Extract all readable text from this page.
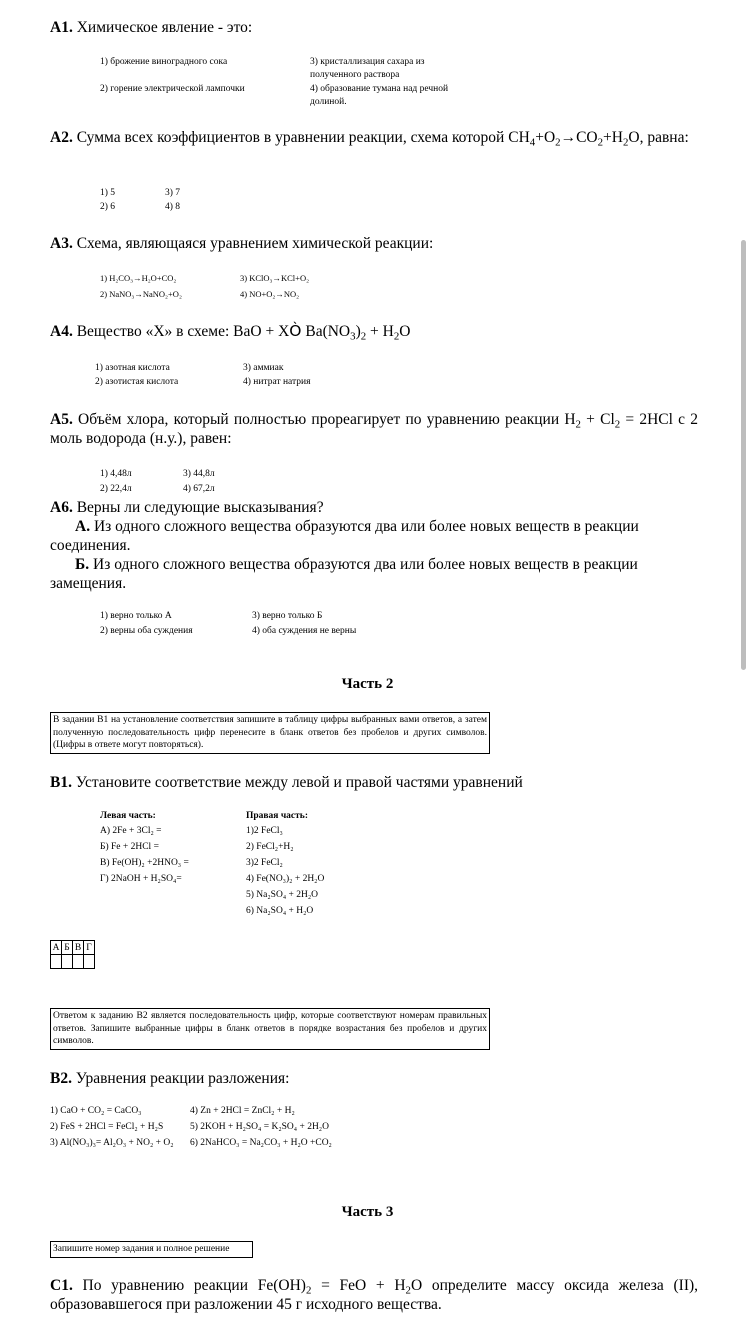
А1. Химическое явление - это:
1) брожение виноградного сока	3) кристаллизация сахара из полученного раствора
2) горение электрической лампочки	4) образование тумана над речной долиной.
А2. Сумма всех коэффициентов в уравнении реакции, схема которой $CH_4+O_2\to CO_2+H_2O$, равна:
1) 5	3) 7
2) 6	4) 8
А3. Схема, являющаяся уравнением химической реакции:
1) H₂CO₃→H₂O+CO₂	3) KClO₃→KCl+O₂
2) NaNO₃→NaNO₂+O₂	4) NO+O₂→NO₂
А4. Вещество «Х» в схеме: BaO + XÒ $Ba(NO_3)_2 + H_2O$
1) азотная кислота	3) аммиак
2) азотистая кислота	4) нитрат натрия
А5. Объём хлора, который полностью прореагирует по уравнению реакции $H_2 + Cl_2 = 2HCl$ с 2 моль водорода (н.у.), равен:
1) 4,48л	3) 44,8л
2) 22,4л	4) 67,2л
А6. Верны ли следующие высказывания?
А. Из одного сложного вещества образуются два или более новых веществ в реакции соединения.
Б. Из одного сложного вещества образуются два или более новых веществ в реакции замещения.
1) верно только А	3) верно только Б
2) верны оба суждения	4) оба суждения не верны
Часть 2
В задании В1 на установление соответствия запишите в таблицу цифры выбранных вами ответов, а затем полученную последовательность цифр перенесите в бланк ответов без пробелов и других символов. (Цифры в ответе могут повторяться).
В1. Установите соответствие между левой и правой частями уравнений
Левая часть:	Правая часть:
А) 2Fe + 3Cl₂ =
Б) Fe + 2HCl =
В) Fe(OH)₂ +2HNO₃ =
Г) 2NaOH + H₂SO₄=
1)2 FeCl₃
2) FeCl₂+H₂
3)2 FeCl₂
4) Fe(NO₃)₂ + 2H₂O
5) Na₂SO₄ + 2H₂O
6) Na₂SO₄ + H₂O
А	Б	В	Г

Ответом к заданию В2 является последовательность цифр, которые соответствуют номерам правильных ответов. Запишите выбранные цифры в бланк ответов в порядке возрастания без пробелов и других символов.
В2. Уравнения реакции разложения:
1) CaO + CO₂ = CaCO₃	4) Zn + 2HCl = ZnCl₂ + H₂
2) FeS + 2HCl = FeCl₂ + H₂S	5) 2KOH + H₂SO₄ = K₂SO₄ + 2H₂O
3) Al(NO₃)₃= Al₂O₃ + NO₂ + O₂ 6) 2NaHCO₃ = Na₂CO₃ + H₂O +CO₂
Часть 3
Запишите номер задания и полное решение
С1. По уравнению реакции $Fe(OH)_2$ = FeO + $H_2O$ определите массу оксида железа (II), образовавшегося при разложении 45 г исходного вещества.
